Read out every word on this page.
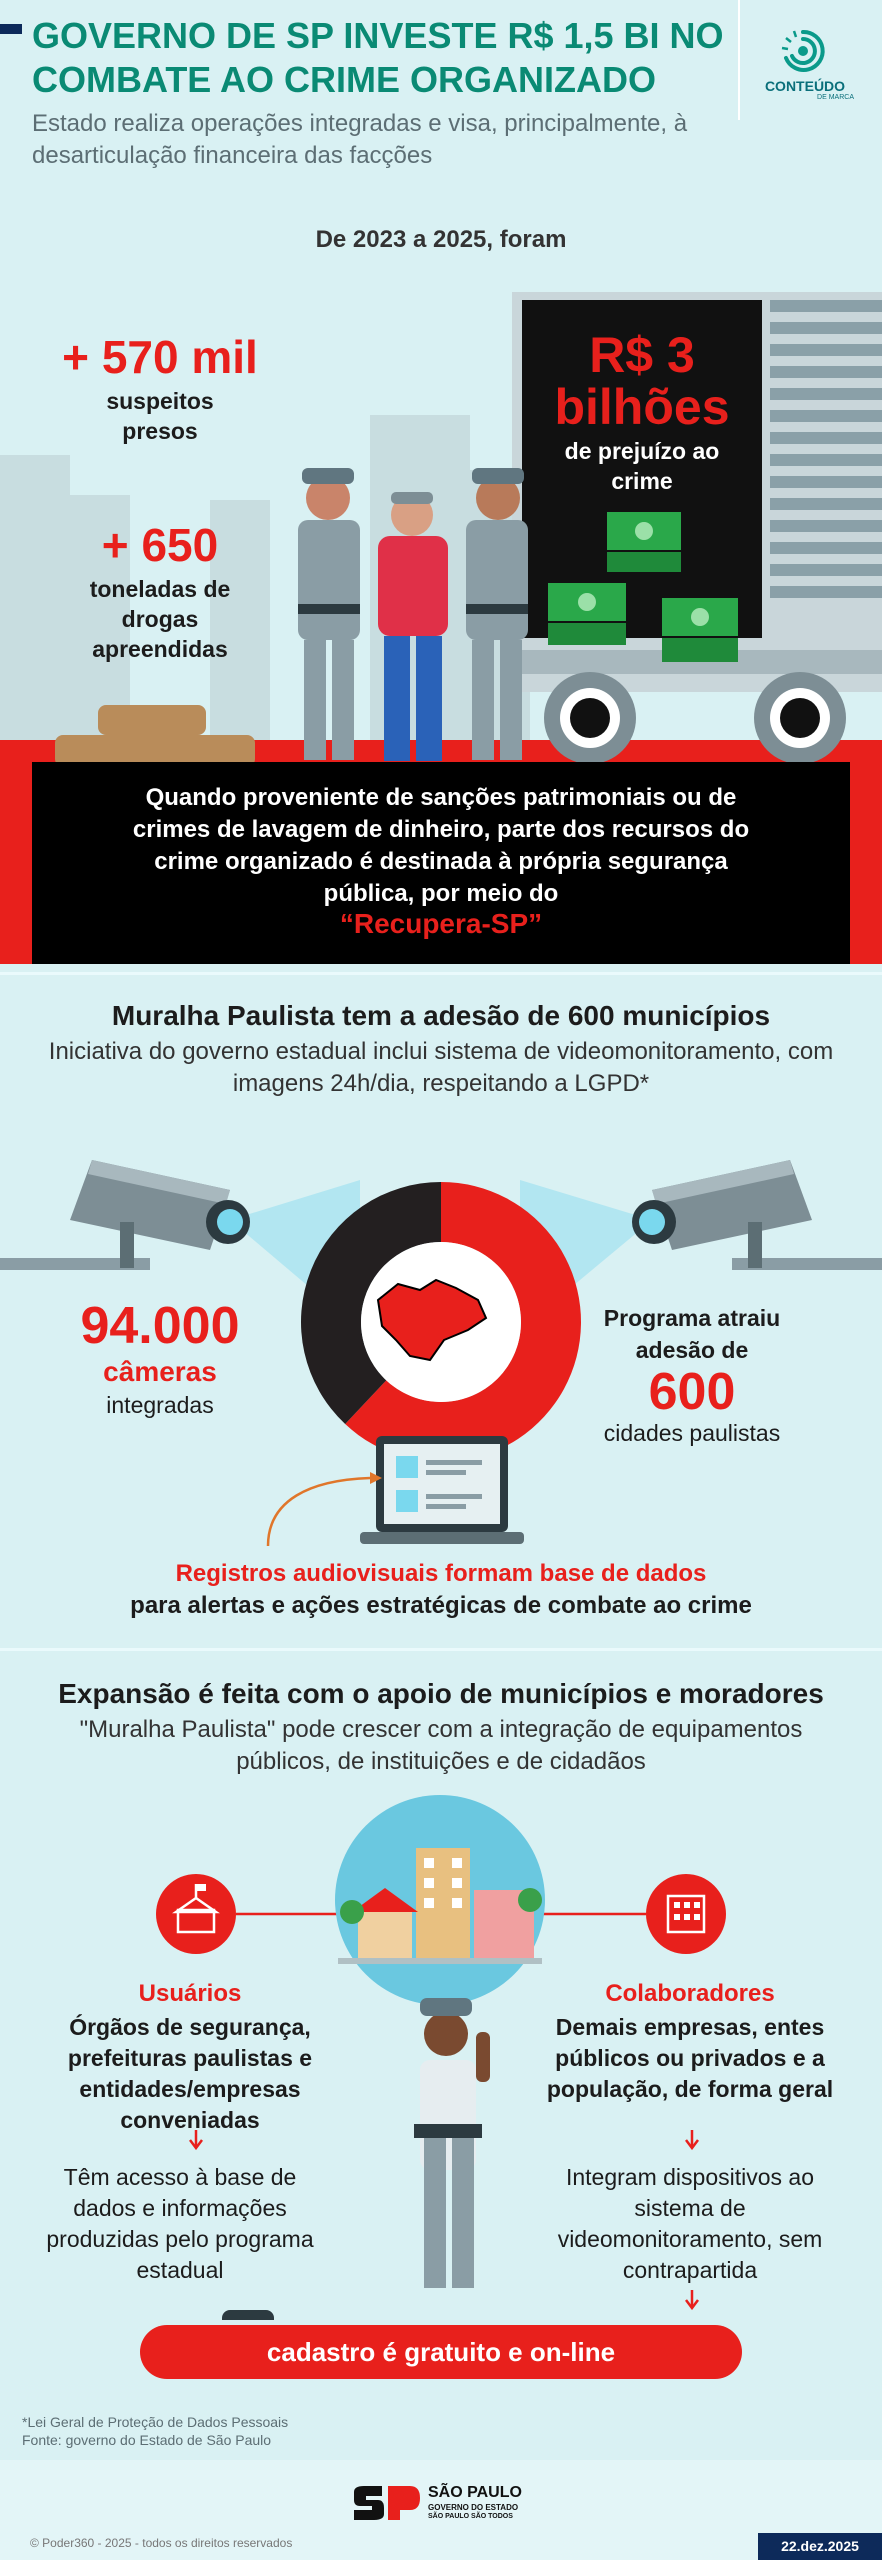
GOVERNO DE SP INVESTE R$ 1,5 BI NO COMBATE AO CRIME ORGANIZADO
Estado realiza operações integradas e visa, principalmente, à desarticulação financeira das facções
CONTEÚDO
DE MARCA
De 2023 a 2025, foram
+ 570 mil
suspeitos presos
+ 650
toneladas de drogas apreendidas
R$ 3
bilhões
de prejuízo ao crime
Quando proveniente de sanções patrimoniais ou de crimes de lavagem de dinheiro, parte dos recursos do crime organizado é destinada à própria segurança pública, por meio do
“Recupera-SP”
Muralha Paulista tem a adesão de 600 municípios
Iniciativa do governo estadual inclui sistema de videomonitoramento, com imagens 24h/dia, respeitando a LGPD*
94.000
câmeras
integradas
Programa atraiu adesão de
600
cidades paulistas
Registros audiovisuais formam base de dados
para alertas e ações estratégicas de combate ao crime
Expansão é feita com o apoio de municípios e moradores
"Muralha Paulista" pode crescer com a integração de equipamentos públicos, de instituições e de cidadãos
Usuários
Órgãos de segurança, prefeituras paulistas e entidades/empresas conveniadas
Têm acesso à base de dados e informações produzidas pelo programa estadual
Colaboradores
Demais empresas, entes públicos ou privados e a população, de forma geral
Integram dispositivos ao sistema de videomonitoramento, sem contrapartida
cadastro é gratuito e on-line
*Lei Geral de Proteção de Dados Pessoais
Fonte: governo do Estado de São Paulo
SÃO PAULO
GOVERNO DO ESTADO
SÃO PAULO SÃO TODOS
© Poder360 - 2025 - todos os direitos reservados	22.dez.2025
